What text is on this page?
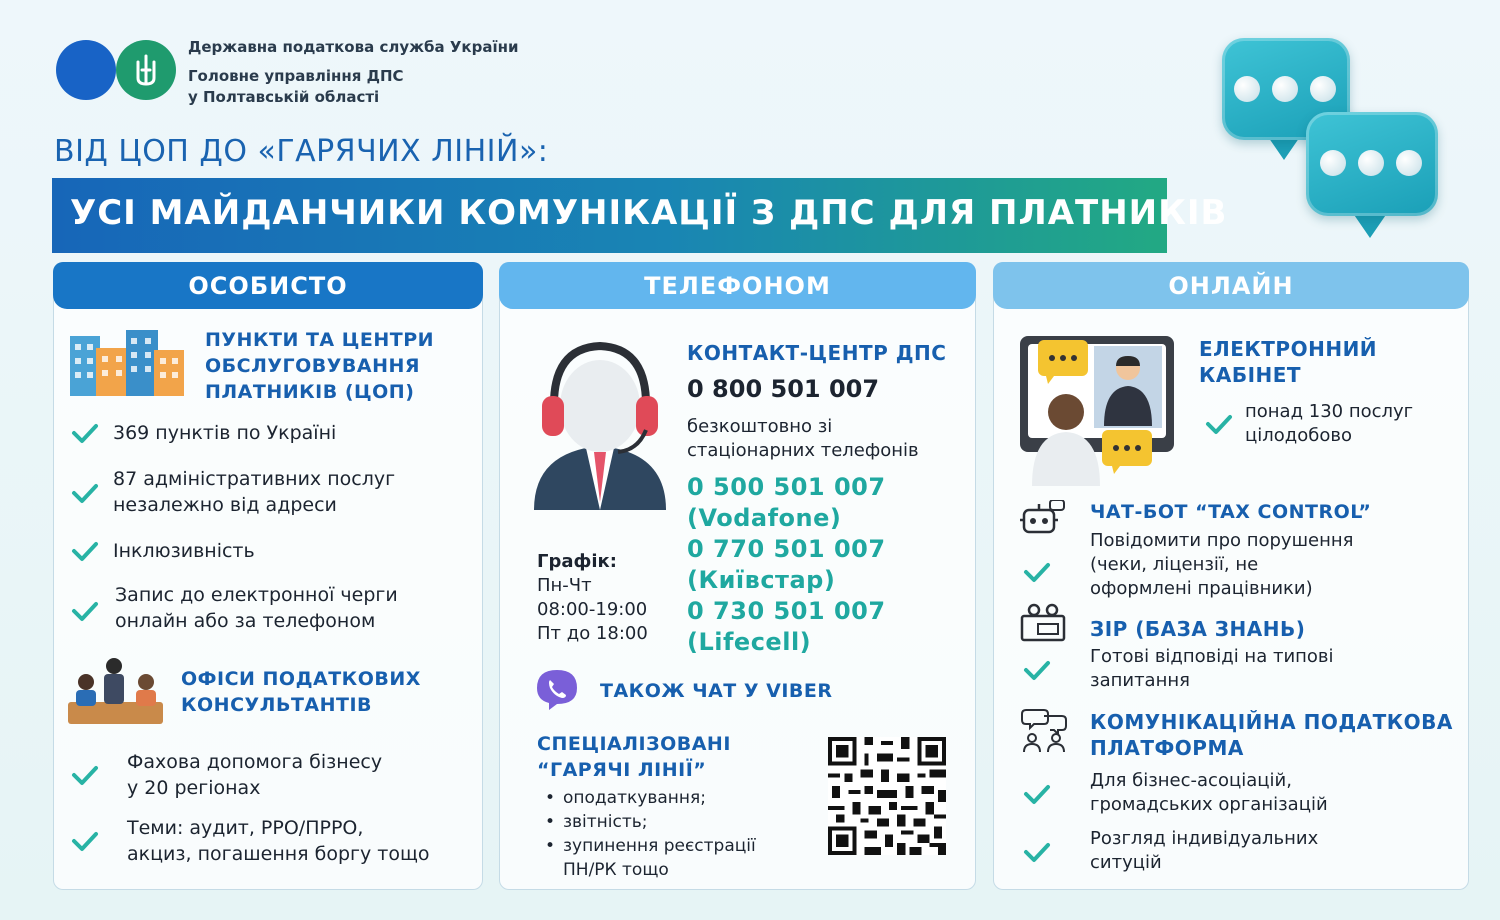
Державна податкова служба України
Головне управління ДПС
у Полтавській області
ВІД ЦОП ДО «ГАРЯЧИХ ЛІНІЙ»:
УСІ МАЙДАНЧИКИ КОМУНІКАЦІЇ З ДПС ДЛЯ ПЛАТНИКІВ
ОСОБИСТО	ТЕЛЕФОНОМ	ОНЛАЙН
ПУНКТИ ТА ЦЕНТРИ
ОБСЛУГОВУВАННЯ
ПЛАТНИКІВ (ЦОП)
369 пунктів по Україні
87 адміністративних послуг
незалежно від адреси
Інклюзивність
Запис до електронної черги
онлайн або за телефоном
ОФІСИ ПОДАТКОВИХ
КОНСУЛЬТАНТІВ
Фахова допомога бізнесу
у 20 регіонах
Теми: аудит, РРО/ПРРО,
акциз, погашення боргу тощо
КОНТАКТ-ЦЕНТР ДПС
0 800 501 007
безкоштовно зі
стаціонарних телефонів
0 500 501 007
(Vodafone)
0 770 501 007
(Київстар)
0 730 501 007
(Lifecell)
Графік:
Пн-Чт
08:00-19:00
Пт до 18:00
ТАКОЖ ЧАТ У VIBER
СПЕЦІАЛІЗОВАНІ
“ГАРЯЧІ ЛІНІЇ”
• оподаткування;
• звітність;
• зупинення реєстрації
ПН/РК тощо
ЕЛЕКТРОННИЙ
КАБІНЕТ
понад 130 послуг
цілодобово
ЧАТ-БОТ “TAX CONTROL”
Повідомити про порушення
(чеки, ліцензії, не
оформлені працівники)
ЗІР (БАЗА ЗНАНЬ)
Готові відповіді на типові
запитання
КОМУНІКАЦІЙНА ПОДАТКОВА
ПЛАТФОРМА
Для бізнес-асоціацій,
громадських організацій
Розгляд індивідуальних
ситуцій
